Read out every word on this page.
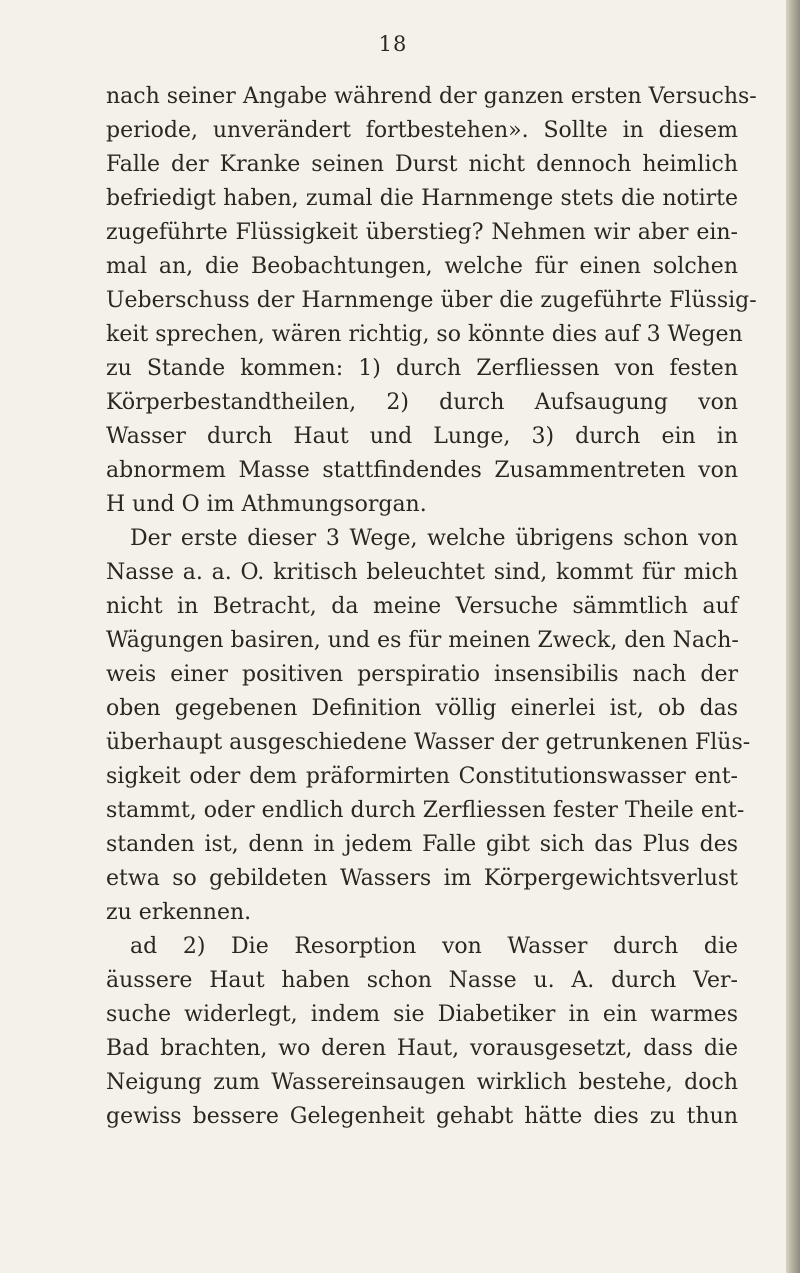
18
nach seiner Angabe während der ganzen ersten Versuchs-
periode, unverändert fortbestehen». Sollte in diesem
Falle der Kranke seinen Durst nicht dennoch heimlich
befriedigt haben, zumal die Harnmenge stets die notirte
zugeführte Flüssigkeit überstieg? Nehmen wir aber ein-
mal an, die Beobachtungen, welche für einen solchen
Ueberschuss der Harnmenge über die zugeführte Flüssig-
keit sprechen, wären richtig, so könnte dies auf 3 Wegen
zu Stande kommen: 1) durch Zerfliessen von festen
Körperbestandtheilen, 2) durch Aufsaugung von
Wasser durch Haut und Lunge, 3) durch ein in
abnormem Masse stattfindendes Zusammentreten von
H und O im Athmungsorgan.
Der erste dieser 3 Wege, welche übrigens schon von
Nasse a. a. O. kritisch beleuchtet sind, kommt für mich
nicht in Betracht, da meine Versuche sämmtlich auf
Wägungen basiren, und es für meinen Zweck, den Nach-
weis einer positiven perspiratio insensibilis nach der
oben gegebenen Definition völlig einerlei ist, ob das
überhaupt ausgeschiedene Wasser der getrunkenen Flüs-
sigkeit oder dem präformirten Constitutionswasser ent-
stammt, oder endlich durch Zerfliessen fester Theile ent-
standen ist, denn in jedem Falle gibt sich das Plus des
etwa so gebildeten Wassers im Körpergewichtsverlust
zu erkennen.
ad 2) Die Resorption von Wasser durch die
äussere Haut haben schon Nasse u. A. durch Ver-
suche widerlegt, indem sie Diabetiker in ein warmes
Bad brachten, wo deren Haut, vorausgesetzt, dass die
Neigung zum Wassereinsaugen wirklich bestehe, doch
gewiss bessere Gelegenheit gehabt hätte dies zu thun
